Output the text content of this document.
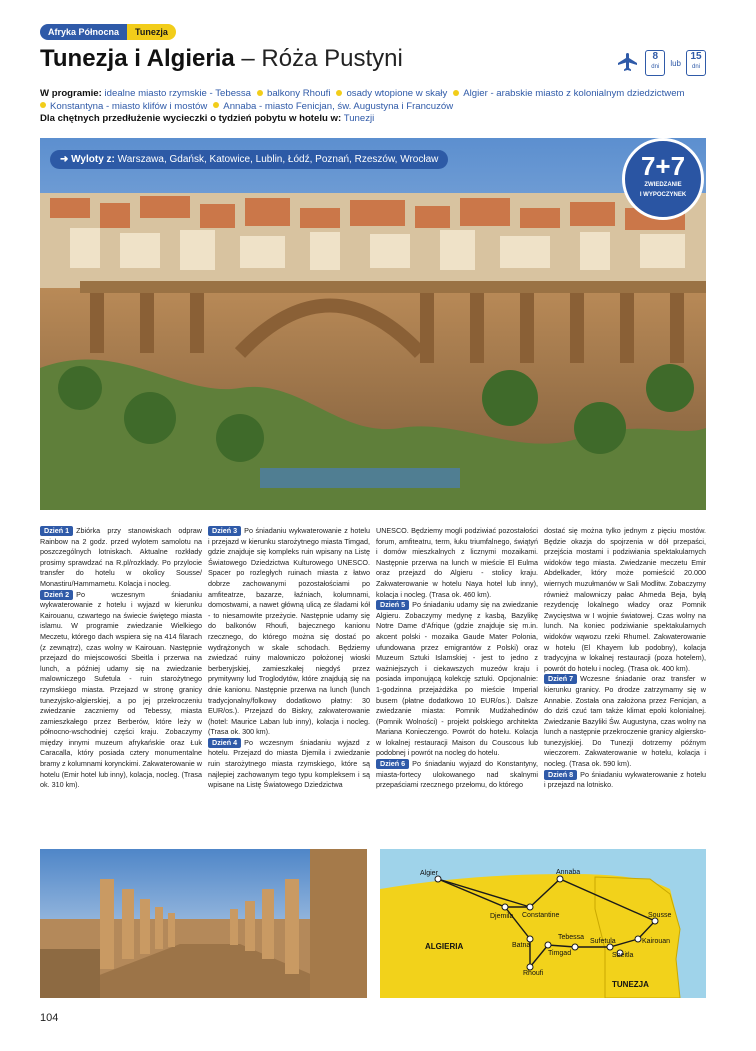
Afryka Północna	Tunezja
Tunezja i Algieria – Róża Pustyni	8
dni	lub
15
dni
W programie: idealne miasto rzymskie - Tebessa balkony Rhoufi osady wtopione w skały Algier - arabskie miasto z kolonialnym dziedzictwem
Konstantyna - miasto klifów i mostów Annaba - miasto Fenicjan, św. Augustyna i Francuzów
Dla chętnych przedłużenie wycieczki o tydzień pobytu w hotelu w: Tunezji
➜ Wyloty z: Warszawa, Gdańsk, Katowice, Lublin, Łódź, Poznań, Rzeszów, Wrocław	7+7
ZWIEDZANIE
I WYPOCZYNEK

Dzień 1 Zbiórka przy stanowiskach odpraw Rainbow na 2 godz. przed wylotem samolotu na poszczególnych lotniskach. Aktualne rozkłady prosimy sprawdzać na R.pl/rozklady. Po przylocie transfer do hotelu w okolicy Sousse/ Monastiru/Hammametu. Kolacja i nocleg.

Dzień 2 Po wczesnym śniadaniu wykwaterowanie z hotelu i wyjazd w kierunku Kairouanu, czwartego na świecie świętego miasta islamu. W programie zwiedzanie Wielkiego Meczetu, którego dach wspiera się na 414 filarach (z zewnątrz), czas wolny w Kairouan. Następnie przejazd do miejscowości Sbeitla i przerwa na lunch, a później udamy się na zwiedzanie malowniczego Sufetula - ruin starożytnego rzymskiego miasta. Przejazd w stronę granicy tunezyjsko-algierskiej, a po jej przekroczeniu zwiedzanie zaczniemy od Tebessy, miasta zamieszkałego przez Berberów, które leży w północno-wschodniej części kraju. Zobaczymy między innymi muzeum afrykańskie oraz Łuk Caracalla, który posiada cztery monumentalne bramy z kolumnami korynckimi. Zakwaterowanie w hotelu (Emir hotel lub inny), kolacja, nocleg. (Trasa ok. 310 km).

Dzień 3 Po śniadaniu wykwaterowanie z hotelu i przejazd w kierunku starożytnego miasta Timgad, gdzie znajduje się kompleks ruin wpisany na Listę Światowego Dziedzictwa Kulturowego UNESCO. Spacer po rozległych ruinach miasta z łatwo dobrze zachowanymi pozostałościami po amfiteatrze, bazarze, łaźniach, kolumnami, domostwami, a nawet główną ulicą ze śladami kół - to niesamowite przeżycie. Następnie udamy się do balkonów Rhoufi, bajecznego kanionu rzecznego, do którego można się dostać po wydrążonych w skale schodach. Będziemy zwiedzać ruiny malowniczo położonej wioski berberyjskiej, zamieszkałej niegdyś przez prymitywny lud Troglodytów, które znajdują się na dnie kanionu. Następnie przerwa na lunch (lunch tradycjonalny/folkowy dodatkowo płatny: 30 EUR/os.). Przejazd do Biskry, zakwaterowanie (hotel: Maurice Laban lub inny), kolacja i nocleg. (Trasa ok. 300 km).

Dzień 4 Po wczesnym śniadaniu wyjazd z hotelu. Przejazd do miasta Djemila i zwiedzanie ruin starożytnego miasta rzymskiego, które są najlepiej zachowanym tego typu kompleksem i są wpisane na Listę Światowego Dziedzictwa

UNESCO. Będziemy mogli podziwiać pozostałości forum, amfiteatru, term, łuku triumfalnego, świątyń i domów mieszkalnych z licznymi mozaikami. Następnie przerwa na lunch w mieście El Eulma oraz przejazd do Algieru - stolicy kraju. Zakwaterowanie w hotelu Naya hotel lub inny), kolacja i nocleg. (Trasa ok. 460 km).

Dzień 5 Po śniadaniu udamy się na zwiedzanie Algieru. Zobaczymy medynę z kasbą, Bazylikę Notre Dame d'Afrique (gdzie znajduje się m.in. akcent polski - mozaika Gaude Mater Polonia, ufundowana przez emigrantów z Polski) oraz Muzeum Sztuki Islamskiej - jest to jedno z ważniejszych i ciekawszych muzeów kraju i posiada imponującą kolekcję sztuki. Opcjonalnie: 1-godzinna przejażdżka po mieście Imperial busem (płatne dodatkowo 10 EUR/os.). Dalsze zwiedzanie miasta: Pomnik Mudżahedinów (Pomnik Wolności) - projekt polskiego architekta Mariana Konieczengo. Powrót do hotelu. Kolacja w lokalnej restauracji Maison du Couscous lub podobnej i powrót na nocleg do hotelu.

Dzień 6 Po śniadaniu wyjazd do Konstantyny, miasta-fortecy ulokowanego nad skalnymi przepaściami rzecznego przełomu, do którego

dostać się można tylko jednym z pięciu mostów. Będzie okazja do spojrzenia w dół przepaści, przejścia mostami i podziwiania spektakularnych widoków tego miasta. Zwiedzanie meczetu Emir Abdelkader, który może pomieścić 20.000 wiernych muzułmanów w Sali Modlitw. Zobaczymy również malowniczy pałac Ahmeda Beja, byłą rezydencję lokalnego władcy oraz Pomnik Zwycięstwa w I wojnie światowej. Czas wolny na lunch. Na koniec podziwianie spektakularnych widoków wąwozu rzeki Rhumel. Zakwaterowanie w hotelu (El Khayem lub podobny), kolacja tradycyjna w lokalnej restauracji (poza hotelem), powrót do hotelu i nocleg. (Trasa ok. 400 km).

Dzień 7 Wczesne śniadanie oraz transfer w kierunku granicy. Po drodze zatrzymamy się w Annabie. Została ona założona przez Fenicjan, a do dziś czuć tam także klimat epoki kolonialnej. Zwiedzanie Bazyliki Św. Augustyna, czas wolny na lunch a następnie przekroczenie granicy algiersko-tunezyjskiej. Do Tunezji dotrzemy późnym wieczorem. Zakwaterowanie w hotelu, kolacja i nocleg. (Trasa ok. 590 km).

Dzień 8 Po śniadaniu wykwaterowanie z hotelu i przejazd na lotnisko.

Algier	Annaba
Djemila Constantine	Sousse
Tebessa
Sufetula	Kairouan
Batna
Timgad	Sbeitla
Rhoufi
ALGIERIA
TUNEZJA
104
